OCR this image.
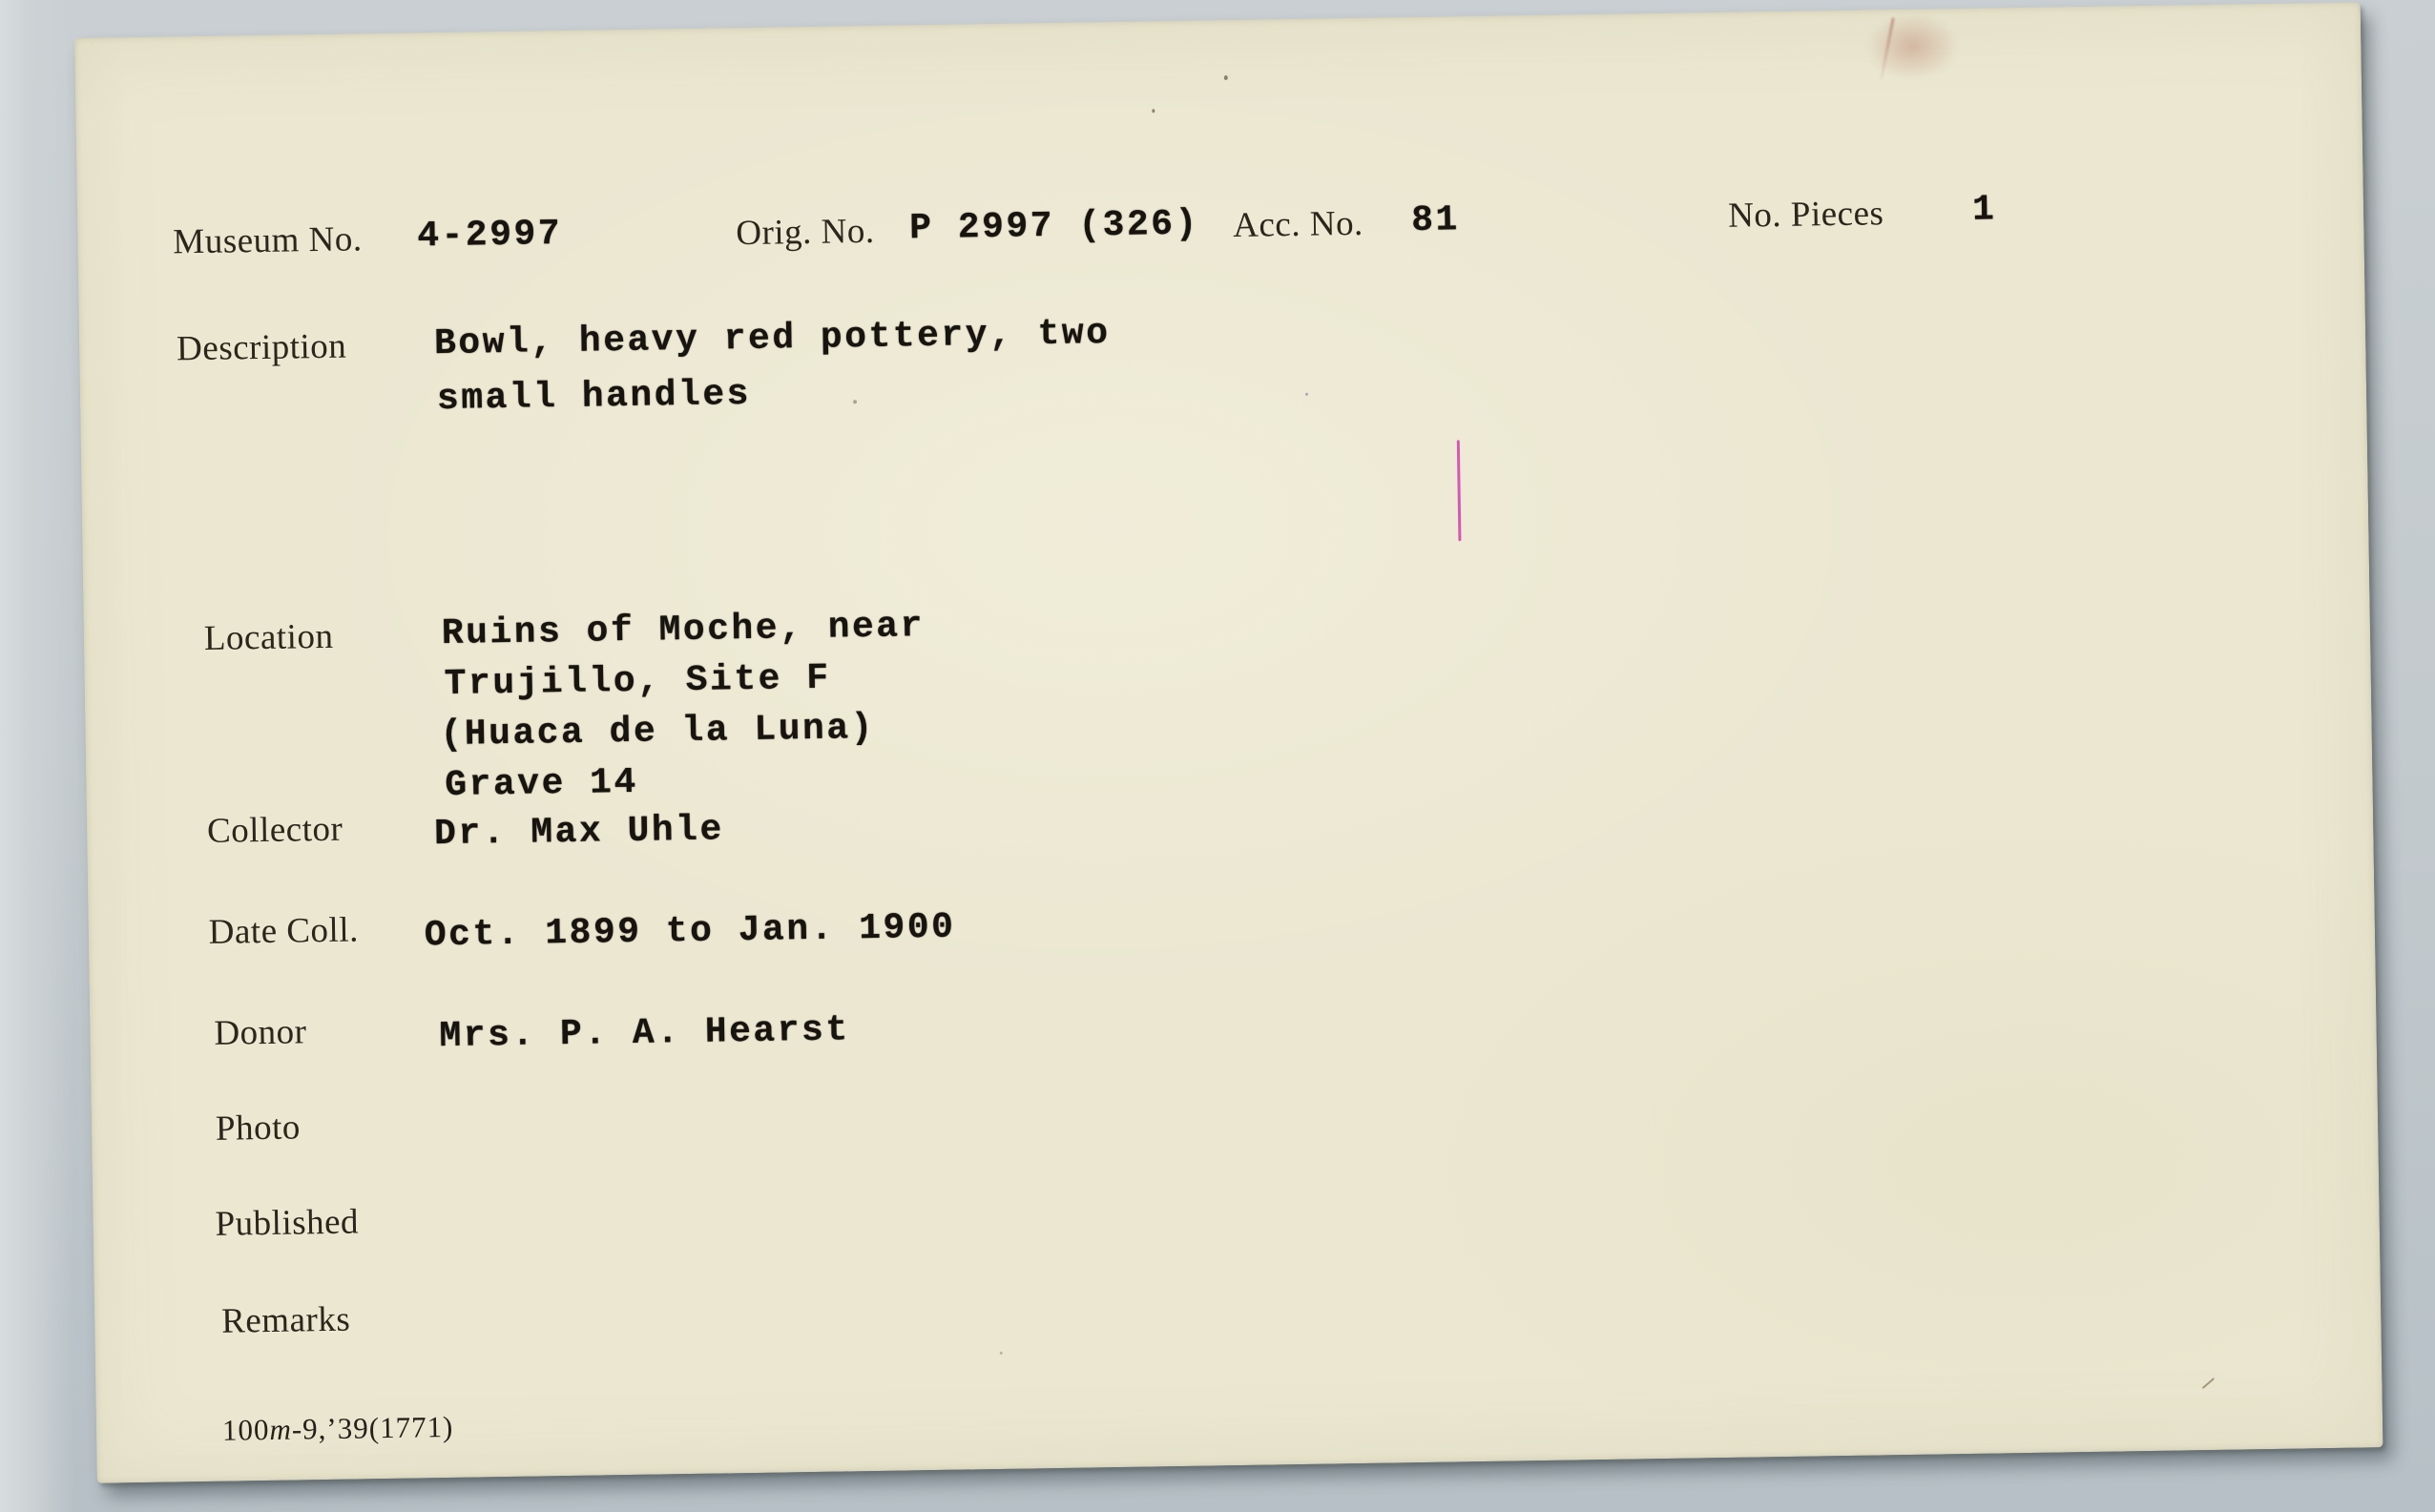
Museum No. 4-2997	Orig. No. P 2997 (326) Acc. No. 81	No. Pieces 1
Description Bowl, heavy red pottery, two
small handles
Location	Ruins of Moche, near
Trujillo, Site F
(Huaca de la Luna)
Grave 14
Collector	Dr. Max Uhle
Date Coll. Oct. 1899 to Jan. 1900
Donor	Mrs. P. A. Hearst
Photo
Published
Remarks
100m-9,’39(1771)
